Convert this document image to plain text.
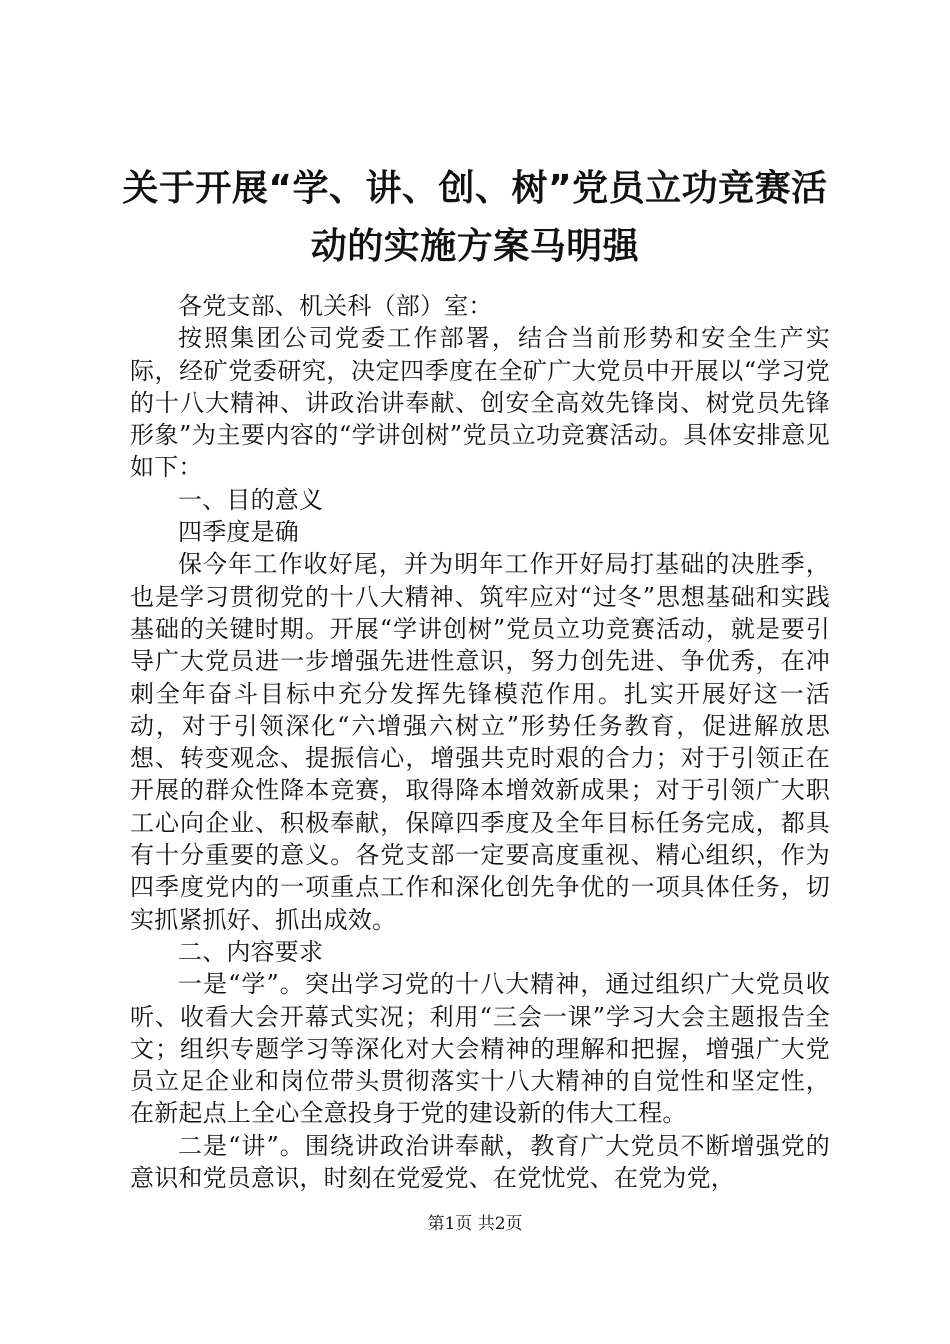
关于开展“学、讲、创、树”党员立功竞赛活动的实施方案马明强

各党支部、机关科（部）室：

按照集团公司党委工作部署，结合当前形势和安全生产实际，经矿党委研究，决定四季度在全矿广大党员中开展以“学习党的十八大精神、讲政治讲奉献、创安全高效先锋岗、树党员先锋形象”为主要内容的“学讲创树”党员立功竞赛活动。具体安排意见如下：

一、目的意义

四季度是确

保今年工作收好尾，并为明年工作开好局打基础的决胜季，也是学习贯彻党的十八大精神、筑牢应对“过冬”思想基础和实践基础的关键时期。开展“学讲创树”党员立功竞赛活动，就是要引导广大党员进一步增强先进性意识，努力创先进、争优秀，在冲刺全年奋斗目标中充分发挥先锋模范作用。扎实开展好这一活动，对于引领深化“六增强六树立”形势任务教育，促进解放思想、转变观念、提振信心，增强共克时艰的合力；对于引领正在开展的群众性降本竞赛，取得降本增效新成果；对于引领广大职工心向企业、积极奉献，保障四季度及全年目标任务完成，都具有十分重要的意义。各党支部一定要高度重视、精心组织，作为四季度党内的一项重点工作和深化创先争优的一项具体任务，切实抓紧抓好、抓出成效。

二、内容要求

一是“学”。突出学习党的十八大精神，通过组织广大党员收听、收看大会开幕式实况；利用“三会一课”学习大会主题报告全文；组织专题学习等深化对大会精神的理解和把握，增强广大党员立足企业和岗位带头贯彻落实十八大精神的自觉性和坚定性，在新起点上全心全意投身于党的建设新的伟大工程。

二是“讲”。围绕讲政治讲奉献，教育广大党员不断增强党的意识和党员意识，时刻在党爱党、在党忧党、在党为党，

第1页 共2页
